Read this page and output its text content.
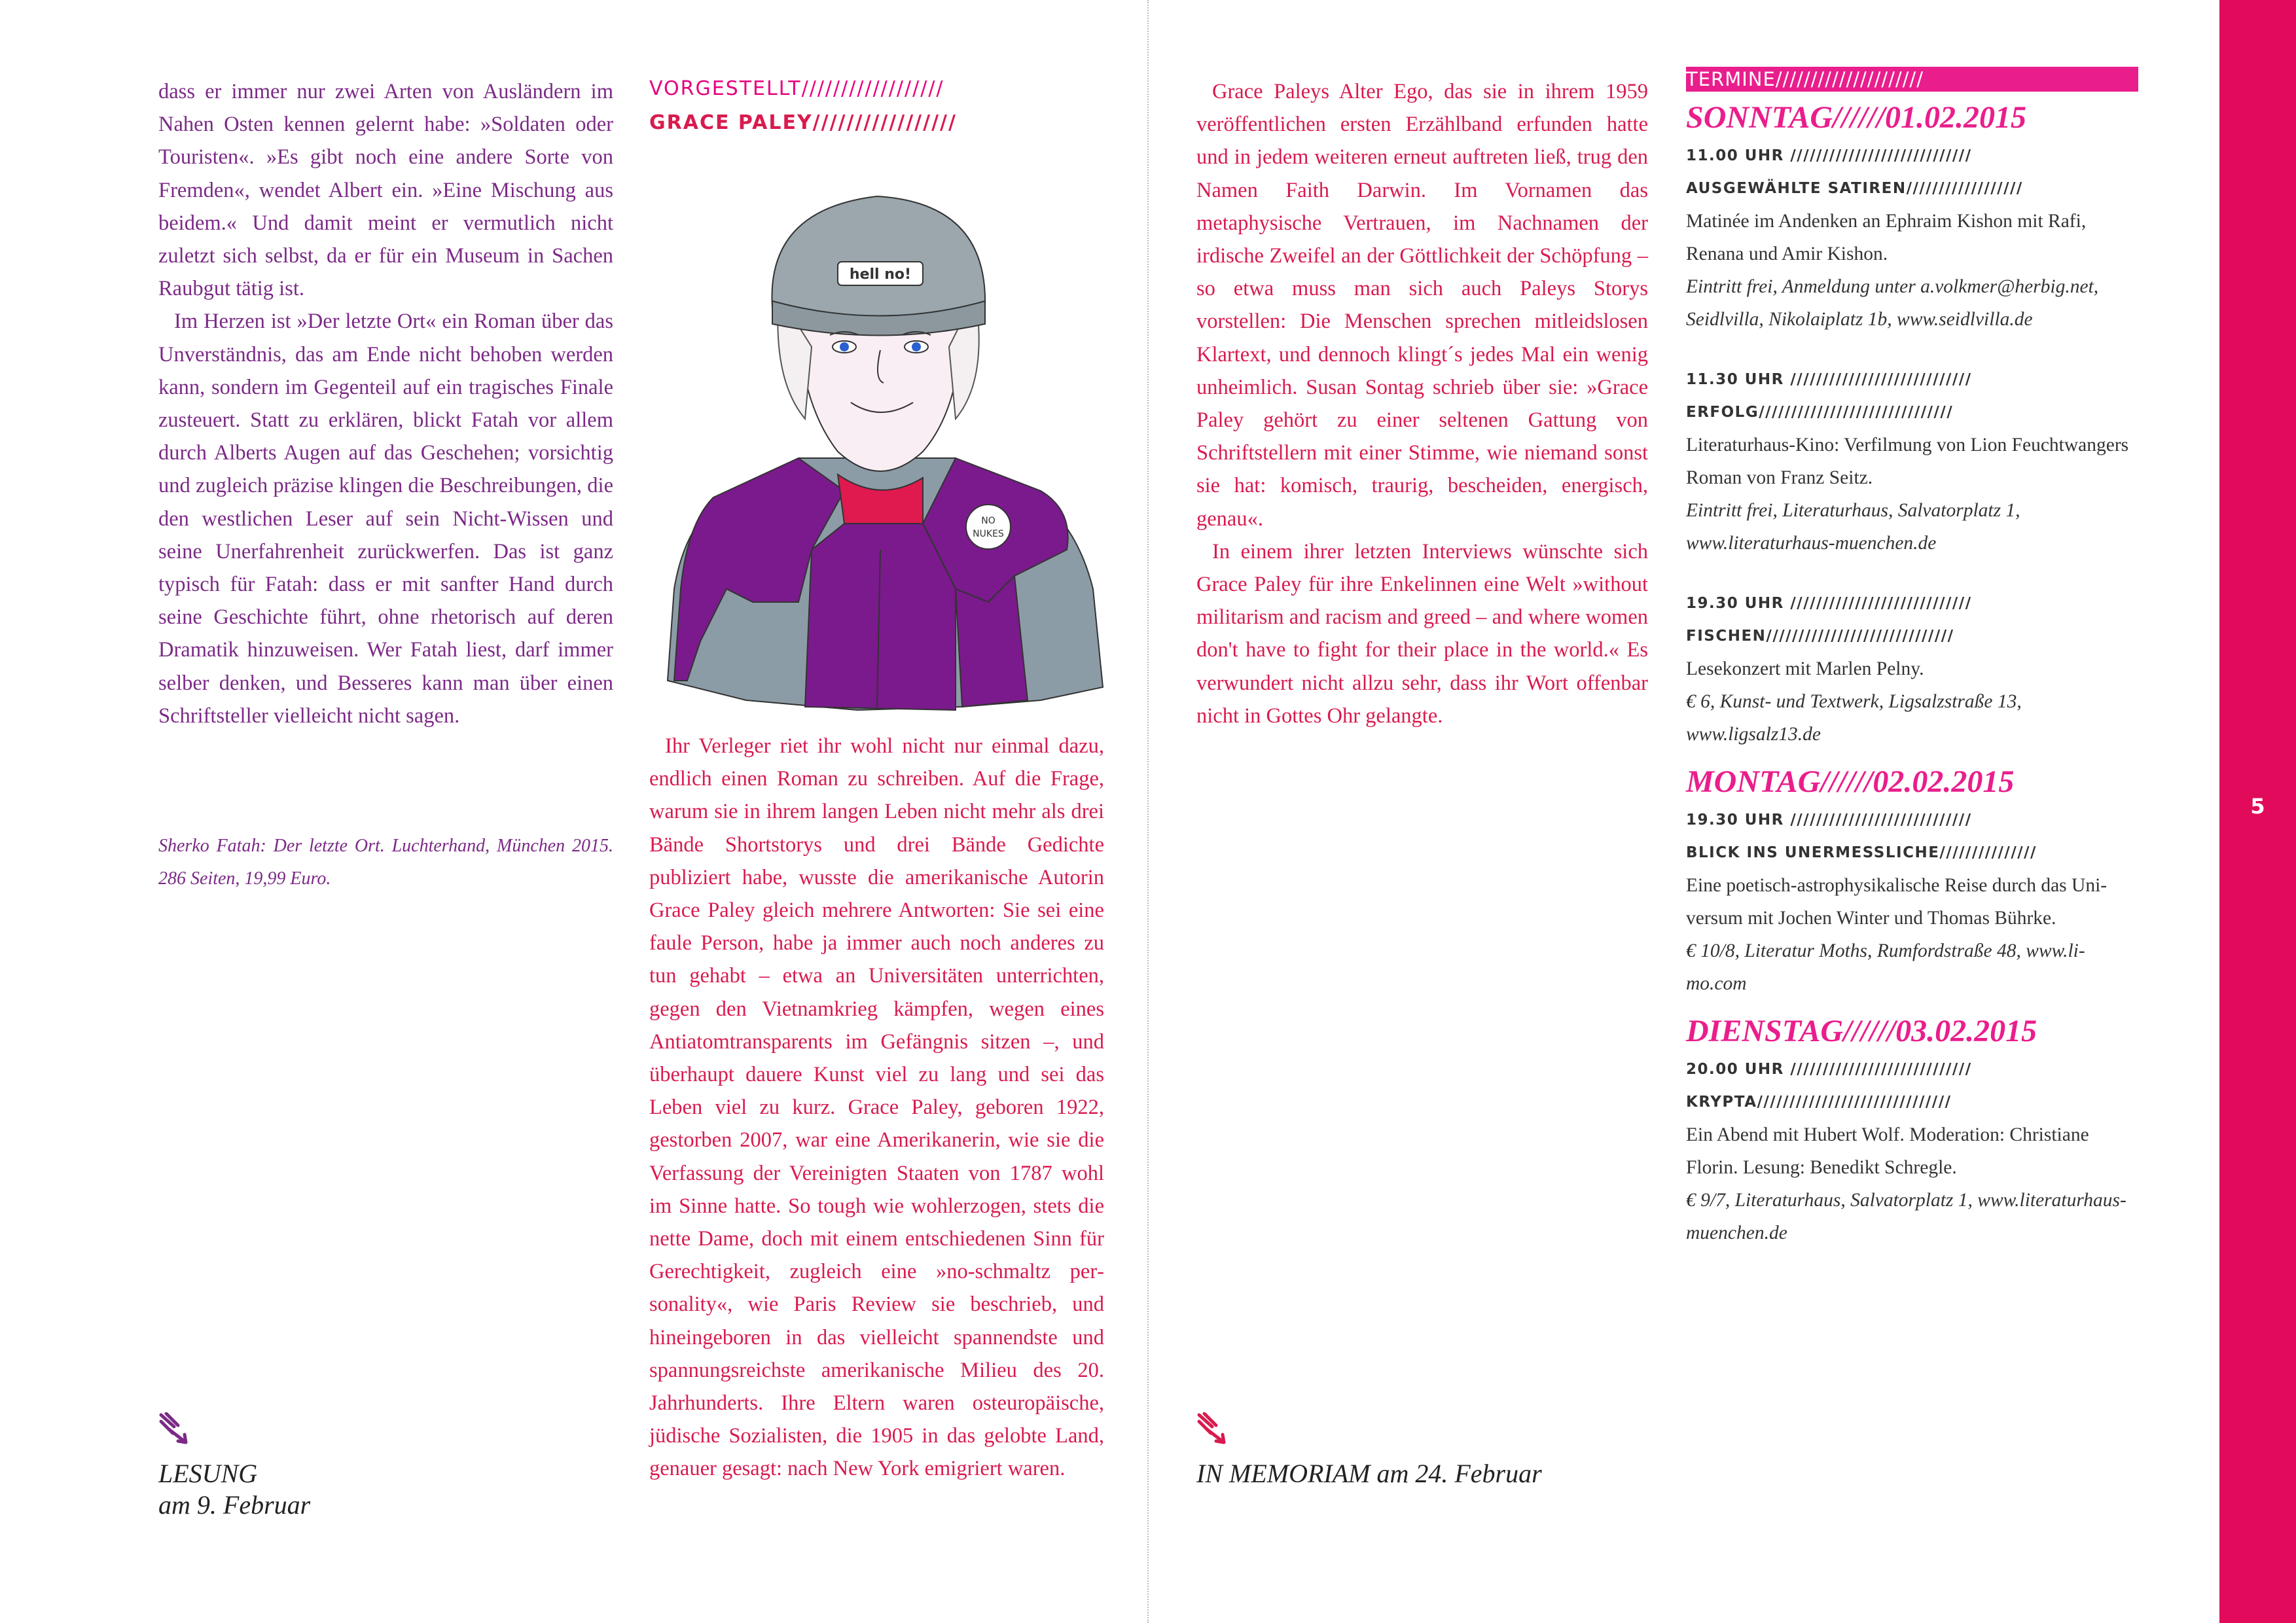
dass er immer nur zwei Arten von Ausländern im Nahen Osten kennen gelernt habe: »Soldaten oder Touristen«. »Es gibt noch eine andere Sorte von Fremden«, wendet Albert ein. »Eine Mischung aus beidem.« Und damit meint er vermutlich nicht zuletzt sich selbst, da er für ein Museum in Sachen Raubgut tätig ist.

Im Herzen ist »Der letzte Ort« ein Roman über das Unverständnis, das am Ende nicht behoben werden kann, sondern im Gegenteil auf ein tragisches Finale zusteuert. Statt zu erklären, blickt Fatah vor allem durch Alberts Augen auf das Geschehen; vorsichtig und zugleich präzise klingen die Beschreibungen, die den westlichen Leser auf sein Nicht-Wissen und seine Unerfahrenheit zurückwerfen. Das ist ganz typisch für Fatah: dass er mit sanfter Hand durch seine Geschichte führt, ohne rhetorisch auf deren Dramatik hinzuweisen. Wer Fatah liest, darf immer selber denken, und Besseres kann man über einen Schriftsteller vielleicht nicht sagen.

Sherko Fatah: Der letzte Ort. Luchterhand, München 2015. 286 Seiten, 19,99 Euro.
LESUNG
am 9. Februar
VORGESTELLT//////////////////
GRACE PALEY/////////////////
hell no!
NO
NUKES

Ihr Verleger riet ihr wohl nicht nur einmal dazu, endlich einen Roman zu schreiben. Auf die Frage, warum sie in ihrem langen Leben nicht mehr als drei Bände Shortstorys und drei Bände Gedichte publiziert habe, wusste die amerikanische Autorin Grace Paley gleich mehrere Antworten: Sie sei eine faule Person, habe ja immer auch noch anderes zu tun gehabt – etwa an Universitäten unterrichten, gegen den Vietnamkrieg kämpfen, wegen eines Antiatomtransparents im Gefängnis sitzen –, und überhaupt dauere Kunst viel zu lang und sei das Leben viel zu kurz. Grace Paley, geboren 1922, gestorben 2007, war eine Amerikanerin, wie sie die Verfassung der Vereinigten Staaten von 1787 wohl im Sinne hatte. So tough wie wohlerzogen, stets die nette Dame, doch mit einem entschiedenen Sinn für Gerechtigkeit, zugleich eine »no-schmaltz personality«, wie Paris Review sie beschrieb, und hineingeboren in das vielleicht spannendste und spannungsreichste amerikanische Milieu des 20. Jahrhunderts. Ihre Eltern waren osteuropäische, jüdische Sozialisten, die 1905 in das gelobte Land, genauer gesagt: nach New York emigriert waren.

Grace Paleys Alter Ego, das sie in ihrem 1959 veröffentlichen ersten Erzählband erfunden hatte und in jedem weiteren erneut auftreten ließ, trug den Namen Faith Darwin. Im Vornamen das metaphysische Vertrauen, im Nachnamen der irdische Zweifel an der Göttlichkeit der Schöpfung – so etwa muss man sich auch Paleys Storys vorstellen: Die Menschen sprechen mitleidslosen Klartext, und dennoch klingt´s jedes Mal ein wenig unheimlich. Susan Sontag schrieb über sie: »Grace Paley gehört zu einer seltenen Gattung von Schriftstellern mit einer Stimme, wie niemand sonst sie hat: komisch, traurig, bescheiden, energisch, genau«.

In einem ihrer letzten Interviews wünschte sich Grace Paley für ihre Enkelinnen eine Welt »without militarism and racism and greed – and where women don't have to fight for their place in the world.« Es verwundert nicht allzu sehr, dass ihr Wort offenbar nicht in Gottes Ohr gelangte.

IN MEMORIAM am 24. Februar
TERMINE/////////////////////
SONNTAG//////01.02.2015
11.00 UHR ////////////////////////////
AUSGEWÄHLTE SATIREN//////////////////
Matinée im Andenken an Ephraim Kishon mit Rafi, Renana und Amir Kishon.
Eintritt frei, Anmeldung unter a.volkmer@herbig.net, Seidlvilla, Nikolaiplatz 1b, www.seidlvilla.de
11.30 UHR ////////////////////////////
ERFOLG//////////////////////////////
Literaturhaus-Kino: Verfilmung von Lion Feuchtwangers Roman von Franz Seitz.
Eintritt frei, Literaturhaus, Salvatorplatz 1, www.literaturhaus-muenchen.de
19.30 UHR ////////////////////////////
FISCHEN/////////////////////////////
Lesekonzert mit Marlen Pelny.
€ 6, Kunst- und Textwerk, Ligsalzstraße 13, www.ligsalz13.de
MONTAG//////02.02.2015
19.30 UHR ////////////////////////////
BLICK INS UNERMESSLICHE///////////////
Eine poetisch-astrophysikalische Reise durch das Universum mit Jochen Winter und Thomas Bührke.
€ 10/8, Literatur Moths, Rumfordstraße 48, www.li-mo.com
DIENSTAG//////03.02.2015
20.00 UHR ////////////////////////////
KRYPTA//////////////////////////////
Ein Abend mit Hubert Wolf. Moderation: Christiane Florin. Lesung: Benedikt Schregle.
€ 9/7, Literaturhaus, Salvatorplatz 1, www.literaturhaus-muenchen.de
5
